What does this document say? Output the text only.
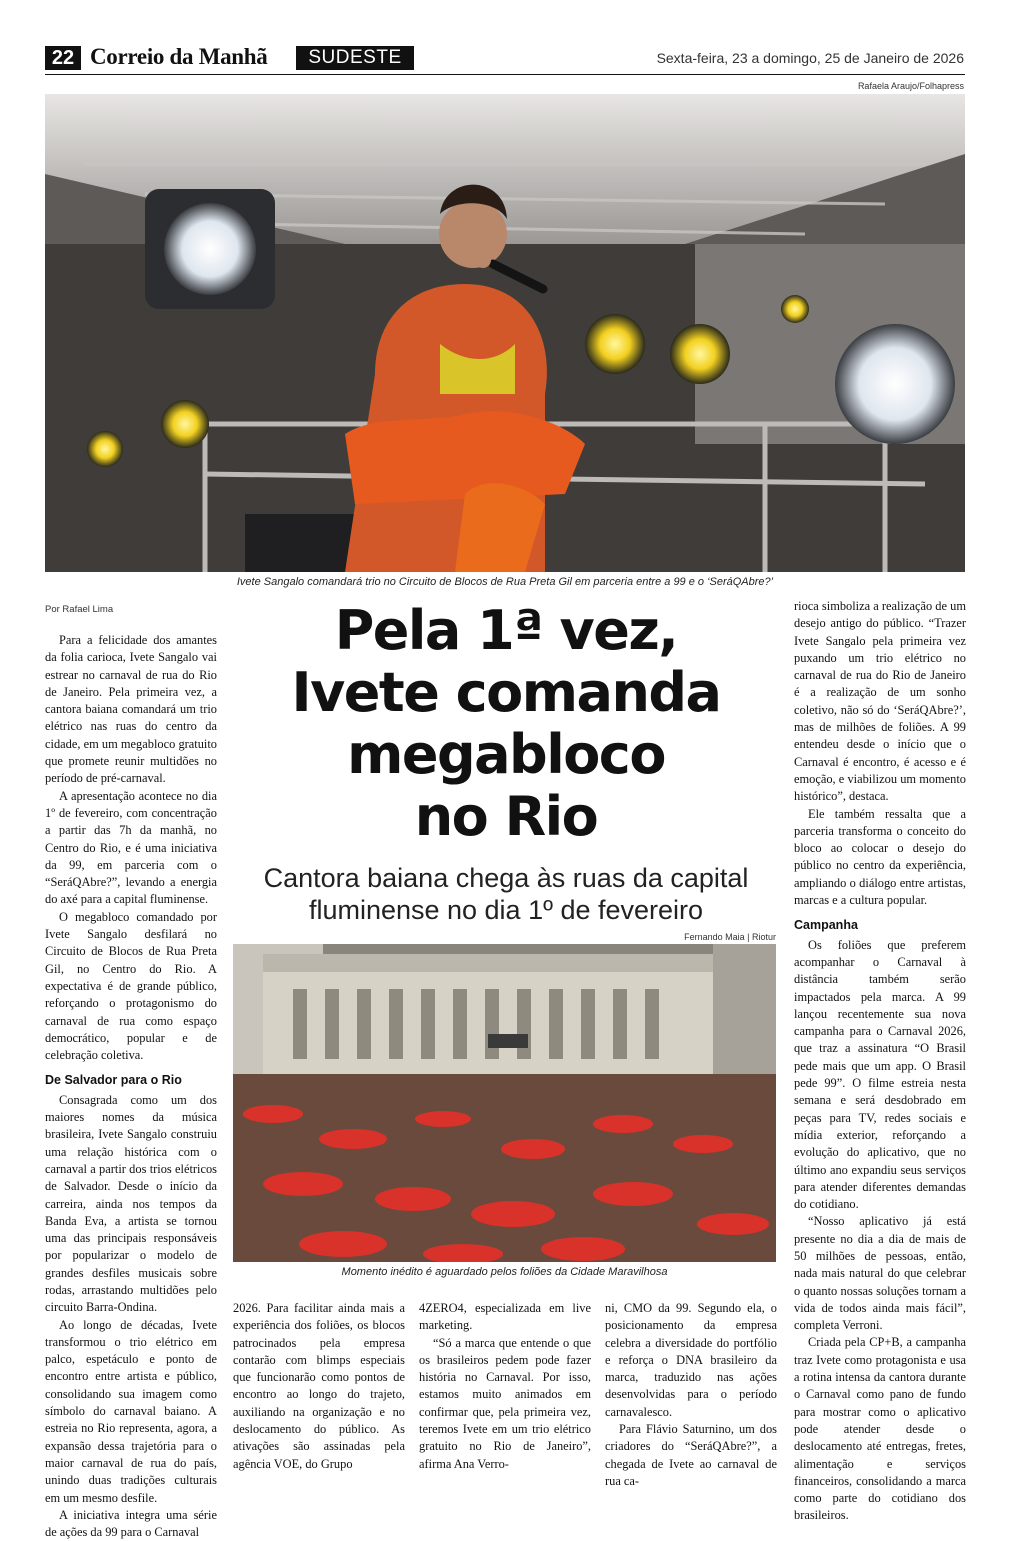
22 Correio da Manhã	SUDESTE	Sexta-feira, 23 a domingo, 25 de Janeiro de 2026
Rafaela Araujo/Folhapress
Ivete Sangalo comandará trio no Circuito de Blocos de Rua Preta Gil em parceria entre a 99 e o ‘SeráQAbre?’
Por Rafael Lima	Pela 1ª vez,
Ivete comanda
megabloco
no Rio
Cantora baiana chega às ruas da capital fluminense no dia 1º de fevereiro
Fernando Maia | Riotur
Momento inédito é aguardado pelos foliões da Cidade Maravilhosa

Para a felicidade dos amantes da folia carioca, Ivete Sangalo vai estrear no carnaval de rua do Rio de Janeiro. Pela primeira vez, a cantora baiana comandará um trio elétrico nas ruas do centro da cidade, em um megabloco gratuito que promete reunir multidões no período de pré-carnaval.

A apresentação acontece no dia 1º de fevereiro, com concentração a partir das 7h da manhã, no Centro do Rio, e é uma iniciativa da 99, em parceria com o “SeráQAbre?”, levando a energia do axé para a capital fluminense.

O megabloco comandado por Ivete Sangalo desfilará no Circuito de Blocos de Rua Preta Gil, no Centro do Rio. A expectativa é de grande público, reforçando o protagonismo do carnaval de rua como espaço democrático, popular e de celebração coletiva.

De Salvador para o Rio

Consagrada como um dos maiores nomes da música brasileira, Ivete Sangalo construiu uma relação histórica com o carnaval a partir dos trios elétricos de Salvador. Desde o início da carreira, ainda nos tempos da Banda Eva, a artista se tornou uma das principais responsáveis por popularizar o modelo de grandes desfiles musicais sobre rodas, arrastando multidões pelo circuito Barra-Ondina.

Ao longo de décadas, Ivete transformou o trio elétrico em palco, espetáculo e ponto de encontro entre artista e público, consolidando sua imagem como símbolo do carnaval baiano. A estreia no Rio representa, agora, a expansão dessa trajetória para o maior carnaval de rua do país, unindo duas tradições culturais em um mesmo desfile.

A iniciativa integra uma série de ações da 99 para o Carnaval

2026. Para facilitar ainda mais a experiência dos foliões, os blocos patrocinados pela empresa contarão com blimps especiais que funcionarão como pontos de encontro ao longo do trajeto, auxiliando na organização e no deslocamento do público. As ativações são assinadas pela agência VOE, do Grupo

4ZERO4, especializada em live marketing.

“Só a marca que entende o que os brasileiros pedem pode fazer história no Carnaval. Por isso, estamos muito animados em confirmar que, pela primeira vez, teremos Ivete em um trio elétrico gratuito no Rio de Janeiro”, afirma Ana Verro-

ni, CMO da 99. Segundo ela, o posicionamento da empresa celebra a diversidade do portfólio e reforça o DNA brasileiro da marca, traduzido nas ações desenvolvidas para o período carnavalesco.

Para Flávio Saturnino, um dos criadores do “SeráQAbre?”, a chegada de Ivete ao carnaval de rua ca-

rioca simboliza a realização de um desejo antigo do público. “Trazer Ivete Sangalo pela primeira vez puxando um trio elétrico no carnaval de rua do Rio de Janeiro é a realização de um sonho coletivo, não só do ‘SeráQAbre?’, mas de milhões de foliões. A 99 entendeu desde o início que o Carnaval é encontro, é acesso e é emoção, e viabilizou um momento histórico”, destaca.

Ele também ressalta que a parceria transforma o conceito do bloco ao colocar o desejo do público no centro da experiência, ampliando o diálogo entre artistas, marcas e a cultura popular.

Campanha

Os foliões que preferem acompanhar o Carnaval à distância também serão impactados pela marca. A 99 lançou recentemente sua nova campanha para o Carnaval 2026, que traz a assinatura “O Brasil pede mais que um app. O Brasil pede 99”. O filme estreia nesta semana e será desdobrado em peças para TV, redes sociais e mídia exterior, reforçando a evolução do aplicativo, que no último ano expandiu seus serviços para atender diferentes demandas do cotidiano.

“Nosso aplicativo já está presente no dia a dia de mais de 50 milhões de pessoas, então, nada mais natural do que celebrar o quanto nossas soluções tornam a vida de todos ainda mais fácil”, completa Verroni.

Criada pela CP+B, a campanha traz Ivete como protagonista e usa a rotina intensa da cantora durante o Carnaval como pano de fundo para mostrar como o aplicativo pode atender desde o deslocamento até entregas, fretes, alimentação e serviços financeiros, consolidando a marca como parte do cotidiano dos brasileiros.
